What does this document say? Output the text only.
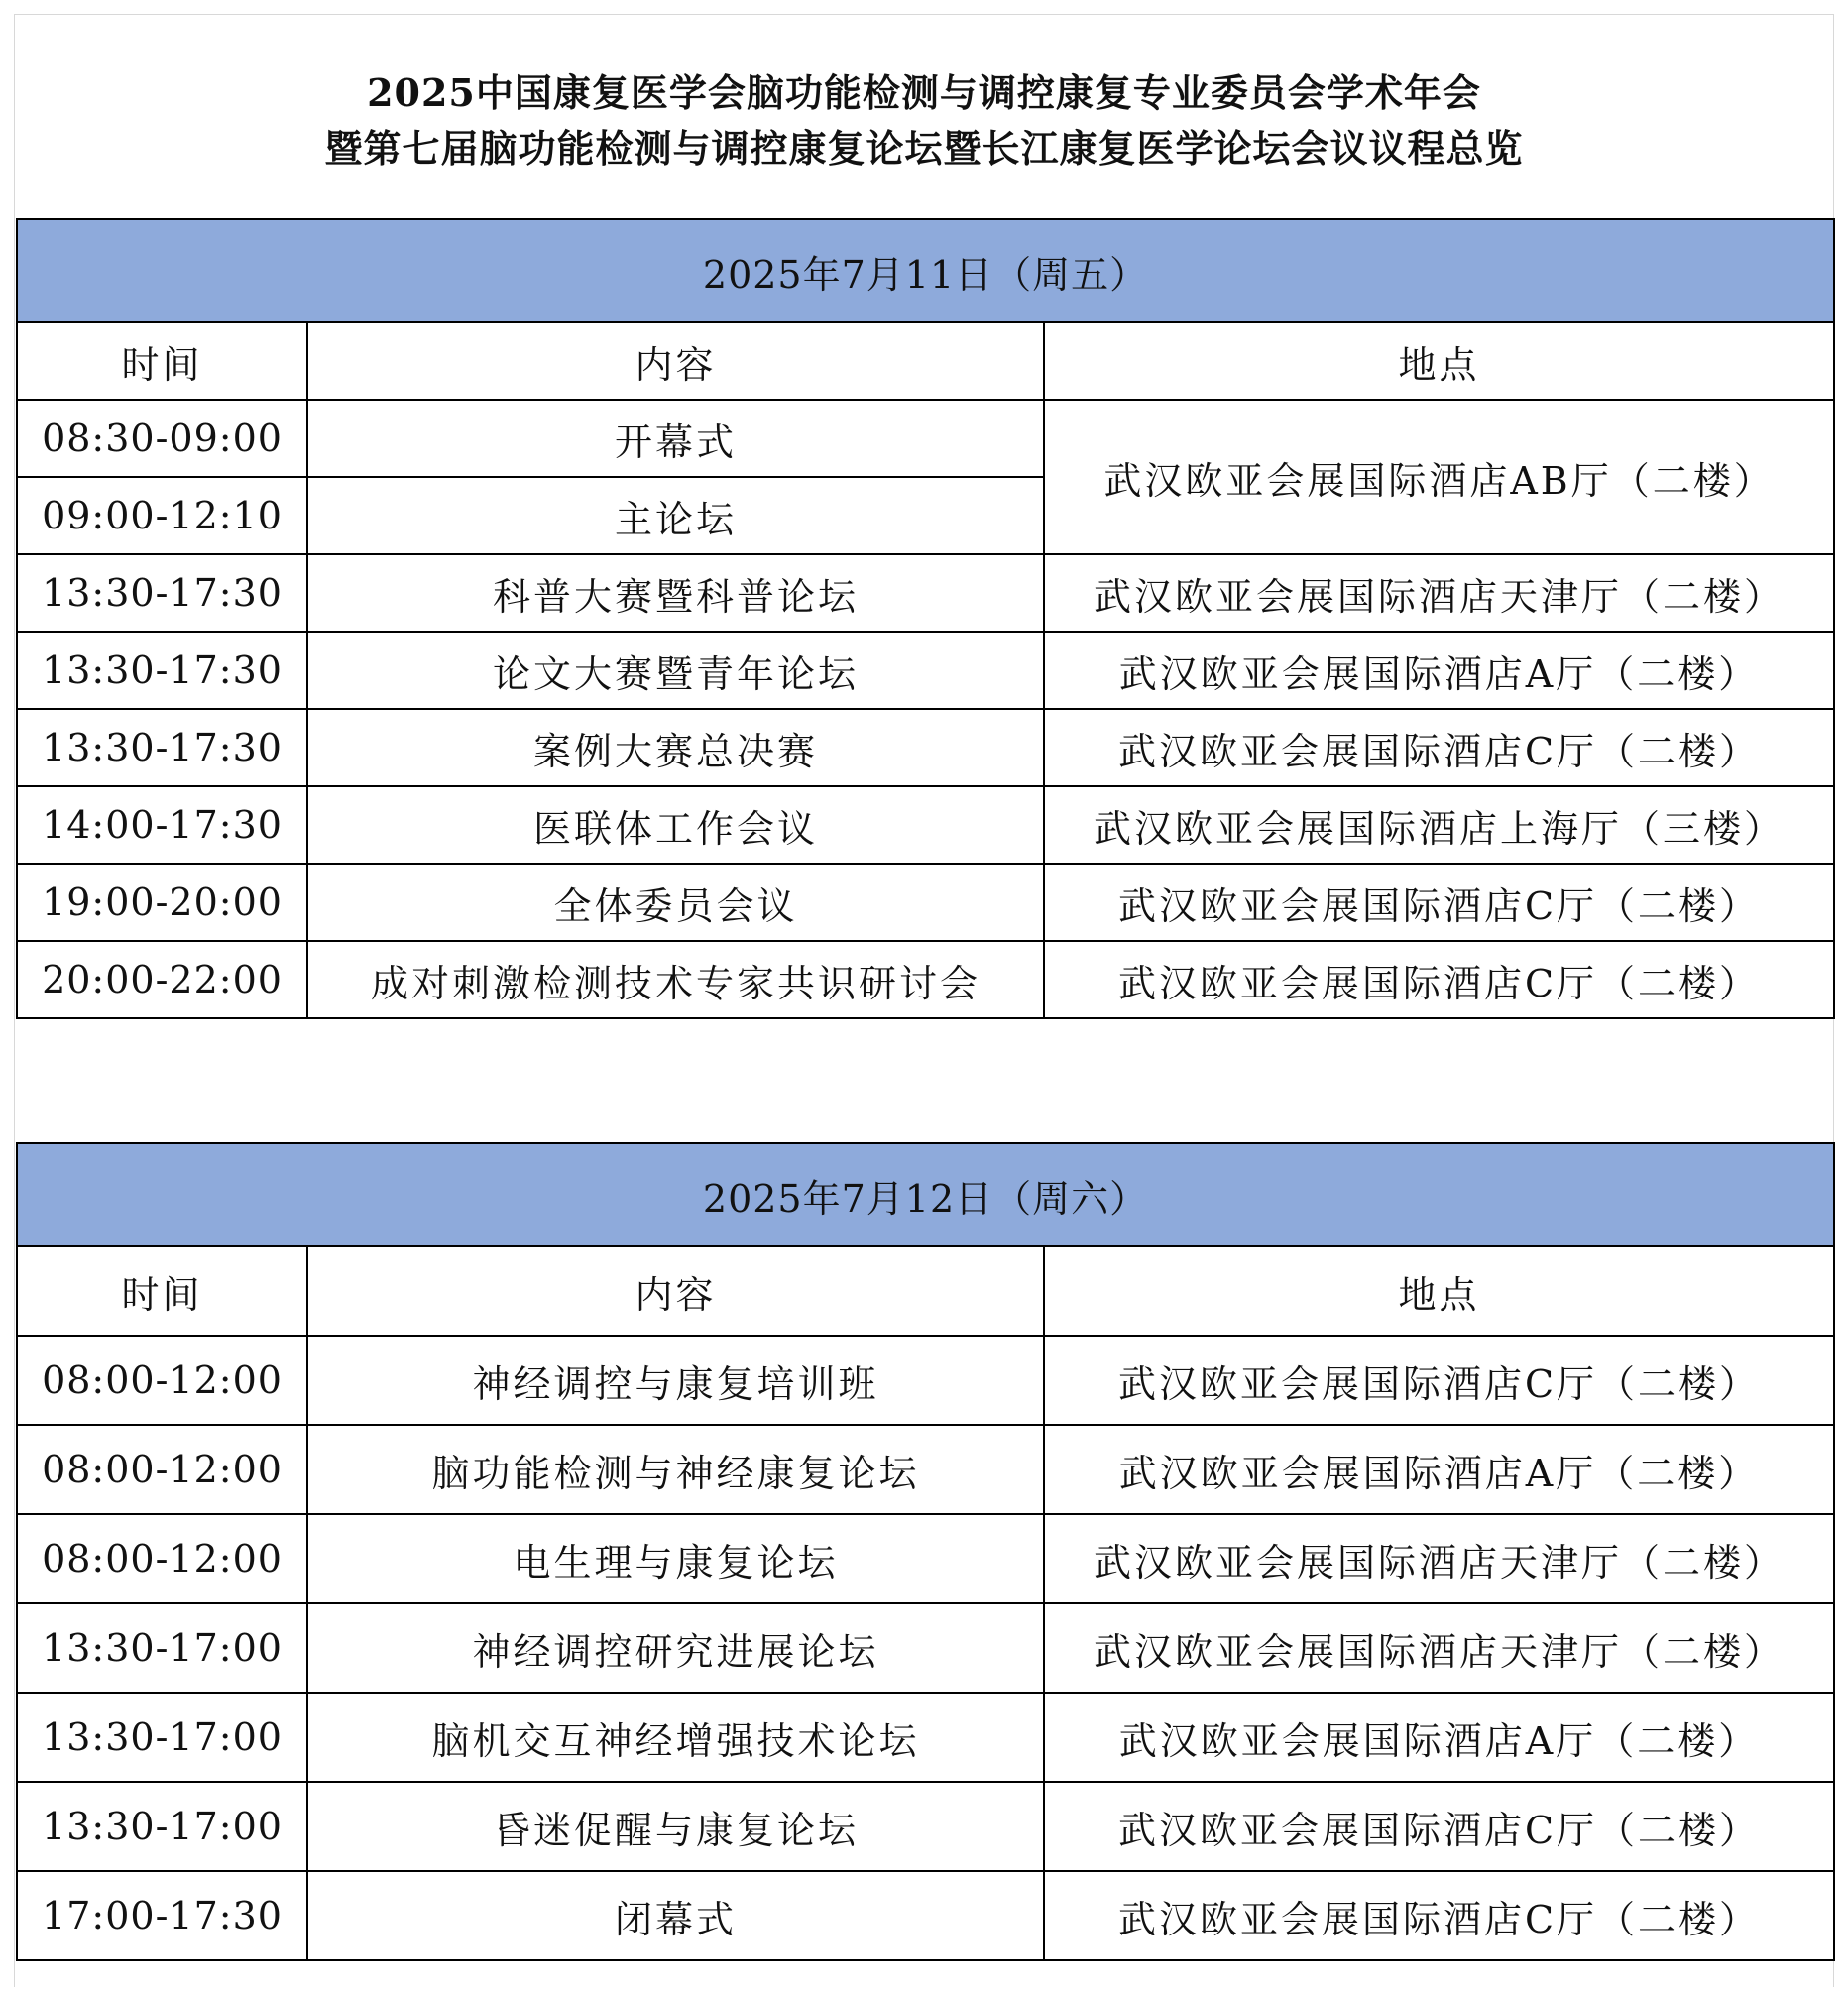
2025中国康复医学会脑功能检测与调控康复专业委员会学术年会
暨第七届脑功能检测与调控康复论坛暨长江康复医学论坛会议议程总览
2025年7月11日（周五）		
时间	内容	地点
08:30-09:00	开幕式	武汉欧亚会展国际酒店AB厅（二楼）
09:00-12:10	主论坛	
13:30-17:30	科普大赛暨科普论坛	武汉欧亚会展国际酒店天津厅（二楼）
13:30-17:30	论文大赛暨青年论坛	武汉欧亚会展国际酒店A厅（二楼）
13:30-17:30	案例大赛总决赛	武汉欧亚会展国际酒店C厅（二楼）
14:00-17:30	医联体工作会议	武汉欧亚会展国际酒店上海厅（三楼）
19:00-20:00	全体委员会议	武汉欧亚会展国际酒店C厅（二楼）
20:00-22:00	成对刺激检测技术专家共识研讨会	武汉欧亚会展国际酒店C厅（二楼）
2025年7月12日（周六）		
时间	内容	地点
08:00-12:00	神经调控与康复培训班	武汉欧亚会展国际酒店C厅（二楼）
08:00-12:00	脑功能检测与神经康复论坛	武汉欧亚会展国际酒店A厅（二楼）
08:00-12:00	电生理与康复论坛	武汉欧亚会展国际酒店天津厅（二楼）
13:30-17:00	神经调控研究进展论坛	武汉欧亚会展国际酒店天津厅（二楼）
13:30-17:00	脑机交互神经增强技术论坛	武汉欧亚会展国际酒店A厅（二楼）
13:30-17:00	昏迷促醒与康复论坛	武汉欧亚会展国际酒店C厅（二楼）
17:00-17:30	闭幕式	武汉欧亚会展国际酒店C厅（二楼）
